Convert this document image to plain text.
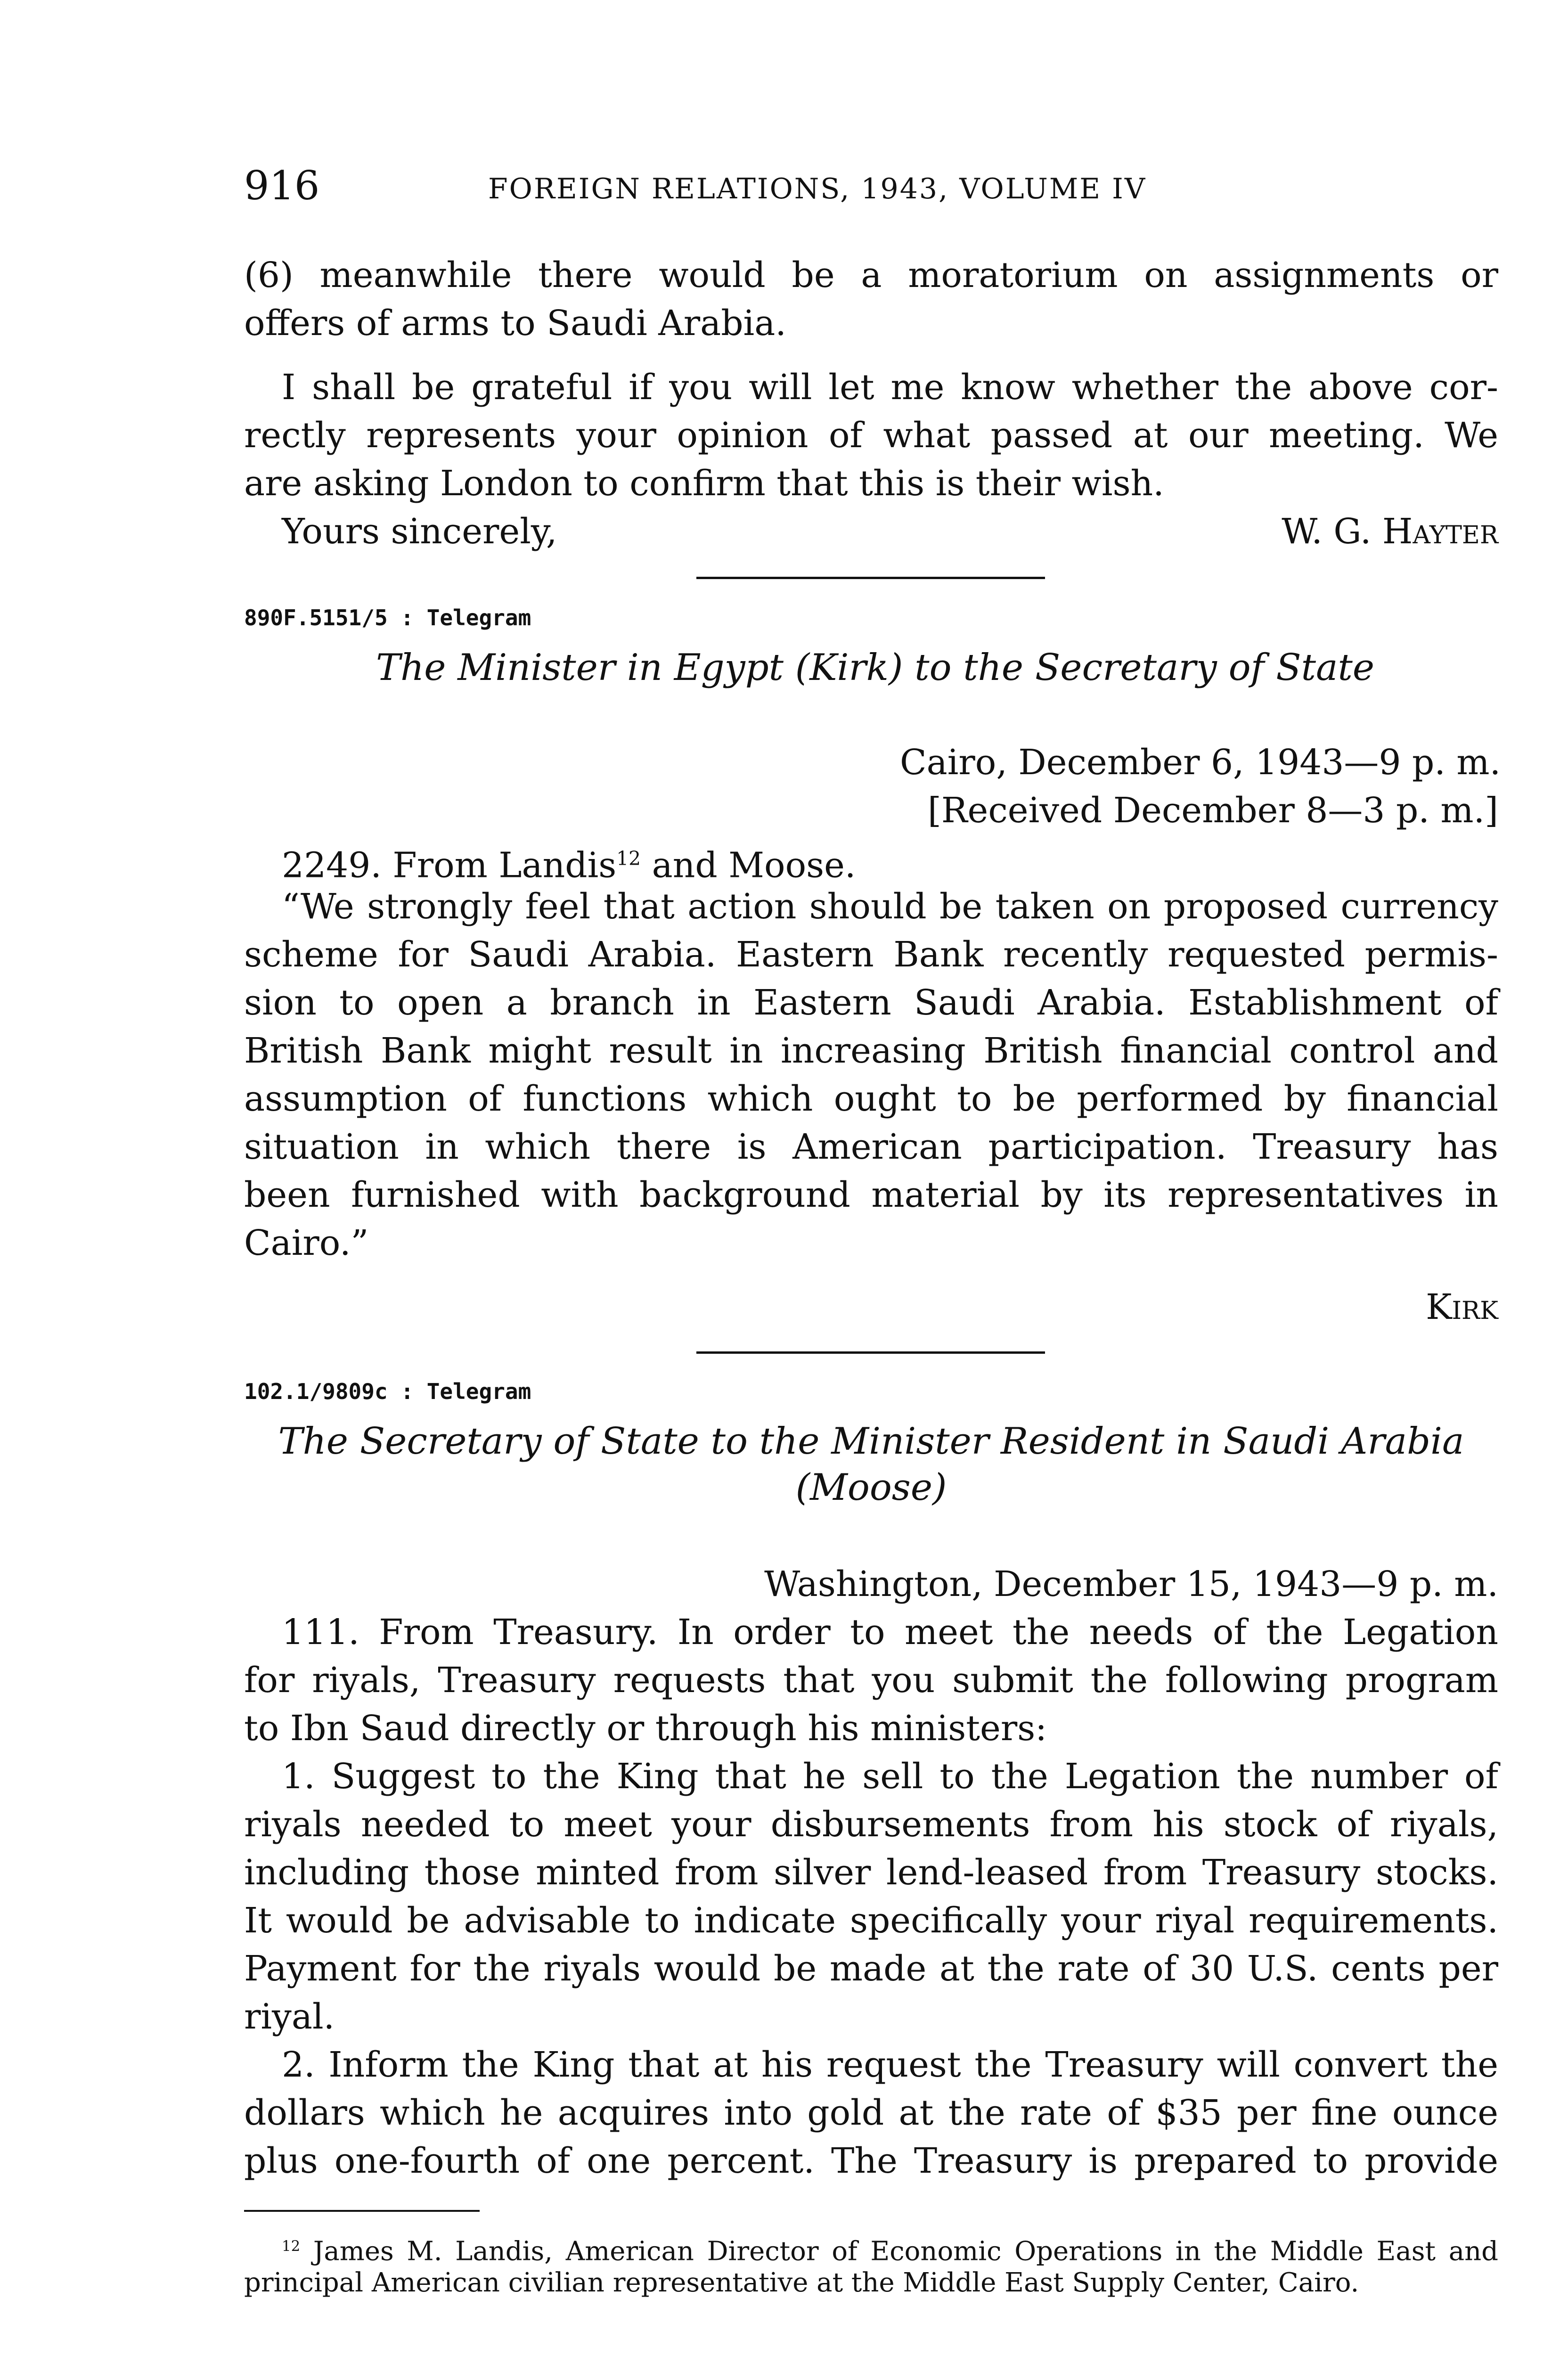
916	FOREIGN RELATIONS, 1943, VOLUME IV
(6) meanwhile there would be a moratorium on assignments or
offers of arms to Saudi Arabia.
I shall be grateful if you will let me know whether the above cor-
rectly represents your opinion of what passed at our meeting. We
are asking London to confirm that this is their wish.
Yours sincerely,	W. G. Hayter
890F.5151/5 : Telegram
The Minister in Egypt (Kirk) to the Secretary of State
Cairo, December 6, 1943—9 p. m.
[Received December 8—3 p. m.]
2249. From Landis$^{12}$ and Moose.
“We strongly feel that action should be taken on proposed currency
scheme for Saudi Arabia. Eastern Bank recently requested permis-
sion to open a branch in Eastern Saudi Arabia. Establishment of
British Bank might result in increasing British financial control and
assumption of functions which ought to be performed by financial
situation in which there is American participation. Treasury has
been furnished with background material by its representatives in
Cairo.”
Kirk
102.1/9809c : Telegram
The Secretary of State to the Minister Resident in Saudi Arabia
(Moose)
Washington, December 15, 1943—9 p. m.
111. From Treasury. In order to meet the needs of the Legation
for riyals, Treasury requests that you submit the following program
to Ibn Saud directly or through his ministers:
1. Suggest to the King that he sell to the Legation the number of
riyals needed to meet your disbursements from his stock of riyals,
including those minted from silver lend-leased from Treasury stocks.
It would be advisable to indicate specifically your riyal requirements.
Payment for the riyals would be made at the rate of 30 U.S. cents per
riyal.
2. Inform the King that at his request the Treasury will convert the
dollars which he acquires into gold at the rate of $35 per fine ounce
plus one-fourth of one percent. The Treasury is prepared to provide
$^{12}$ James M. Landis, American Director of Economic Operations in the Middle East and principal American civilian representative at the Middle East Supply Center, Cairo.
